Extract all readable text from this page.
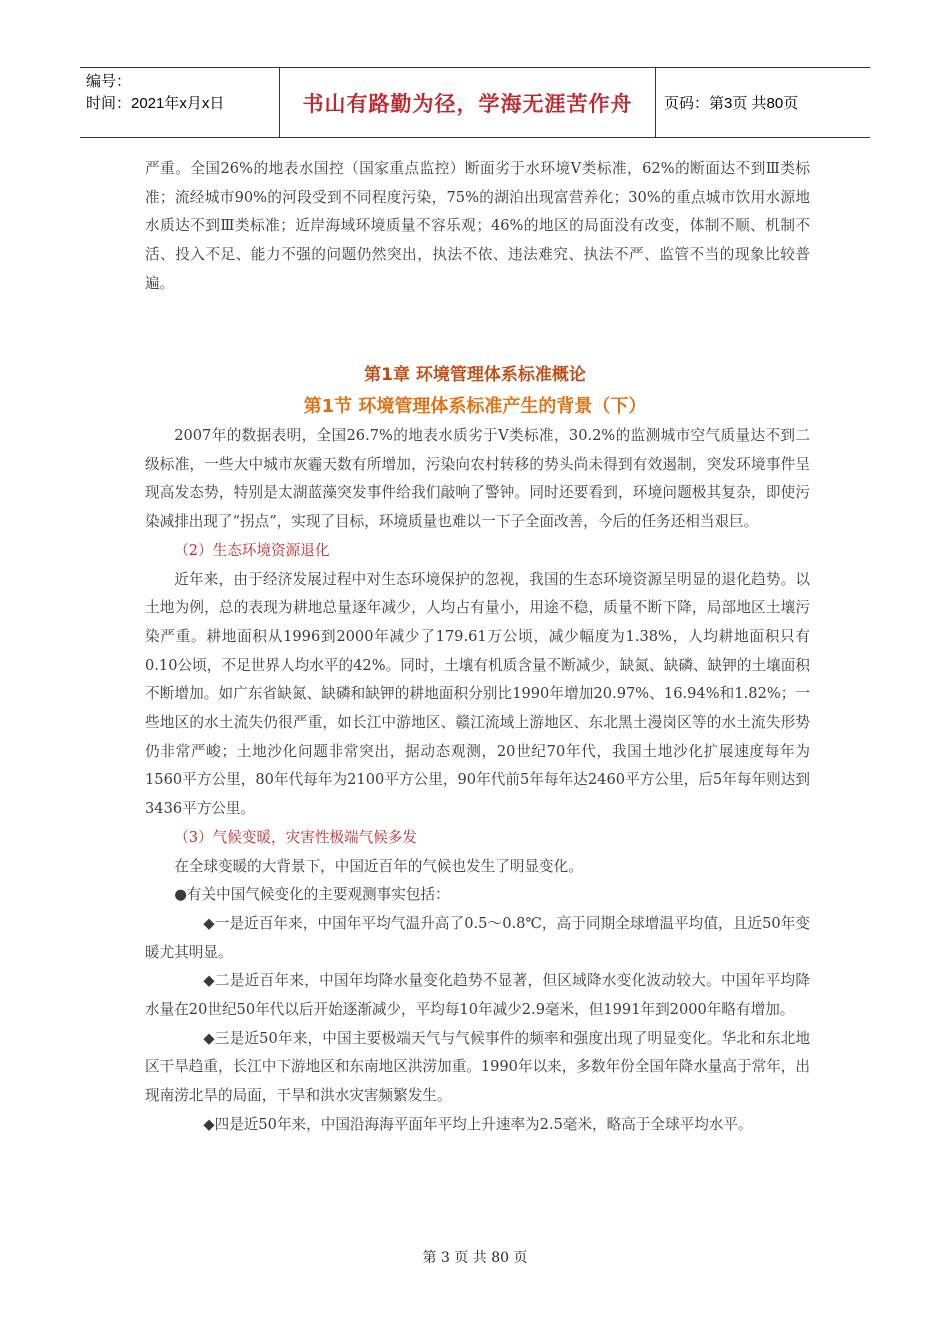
编号：
时间：2021年x月x日	书山有路勤为径，学海无涯苦作舟	页码：第3页 共80页

严重。全国26%的地表水国控（国家重点监控）断面劣于水环境V类标准，62%的断面达不到Ⅲ类标准；流经城市90%的河段受到不同程度污染，75%的湖泊出现富营养化；30%的重点城市饮用水源地水质达不到Ⅲ类标准；近岸海域环境质量不容乐观；46%的地区的局面没有改变，体制不顺、机制不活、投入不足、能力不强的问题仍然突出，执法不依、违法难究、执法不严、监管不当的现象比较普遍。

第1章 环境管理体系标准概论
第1节 环境管理体系标准产生的背景（下）

2007年的数据表明，全国26.7%的地表水质劣于V类标准，30.2%的监测城市空气质量达不到二级标准，一些大中城市灰霾天数有所增加，污染向农村转移的势头尚未得到有效遏制，突发环境事件呈现高发态势，特别是太湖蓝藻突发事件给我们敲响了警钟。同时还要看到，环境问题极其复杂，即使污染减排出现了“拐点”，实现了目标，环境质量也难以一下子全面改善，今后的任务还相当艰巨。

（2）生态环境资源退化

近年来，由于经济发展过程中对生态环境保护的忽视，我国的生态环境资源呈明显的退化趋势。以土地为例，总的表现为耕地总量逐年减少，人均占有量小，用途不稳，质量不断下降，局部地区土壤污染严重。耕地面积从1996到2000年减少了179.61万公顷，减少幅度为1.38%，人均耕地面积只有0.10公顷，不足世界人均水平的42%。同时，土壤有机质含量不断减少，缺氮、缺磷、缺钾的土壤面积不断增加。如广东省缺氮、缺磷和缺钾的耕地面积分别比1990年增加20.97%、16.94%和1.82%；一些地区的水土流失仍很严重，如长江中游地区、赣江流域上游地区、东北黑土漫岗区等的水土流失形势仍非常严峻；土地沙化问题非常突出，据动态观测，20世纪70年代，我国土地沙化扩展速度每年为1560平方公里，80年代每年为2100平方公里，90年代前5年每年达2460平方公里，后5年每年则达到3436平方公里。

（3）气候变暖，灾害性极端气候多发

在全球变暖的大背景下，中国近百年的气候也发生了明显变化。

●有关中国气候变化的主要观测事实包括：

◆一是近百年来，中国年平均气温升高了0.5～0.8℃，高于同期全球增温平均值，且近50年变暖尤其明显。

◆二是近百年来，中国年均降水量变化趋势不显著，但区域降水变化波动较大。中国年平均降水量在20世纪50年代以后开始逐渐减少，平均每10年减少2.9毫米，但1991年到2000年略有增加。

◆三是近50年来，中国主要极端天气与气候事件的频率和强度出现了明显变化。华北和东北地区干旱趋重，长江中下游地区和东南地区洪涝加重。1990年以来，多数年份全国年降水量高于常年，出现南涝北旱的局面，干旱和洪水灾害频繁发生。

◆四是近50年来，中国沿海海平面年平均上升速率为2.5毫米，略高于全球平均水平。

第 3 页 共 80 页
